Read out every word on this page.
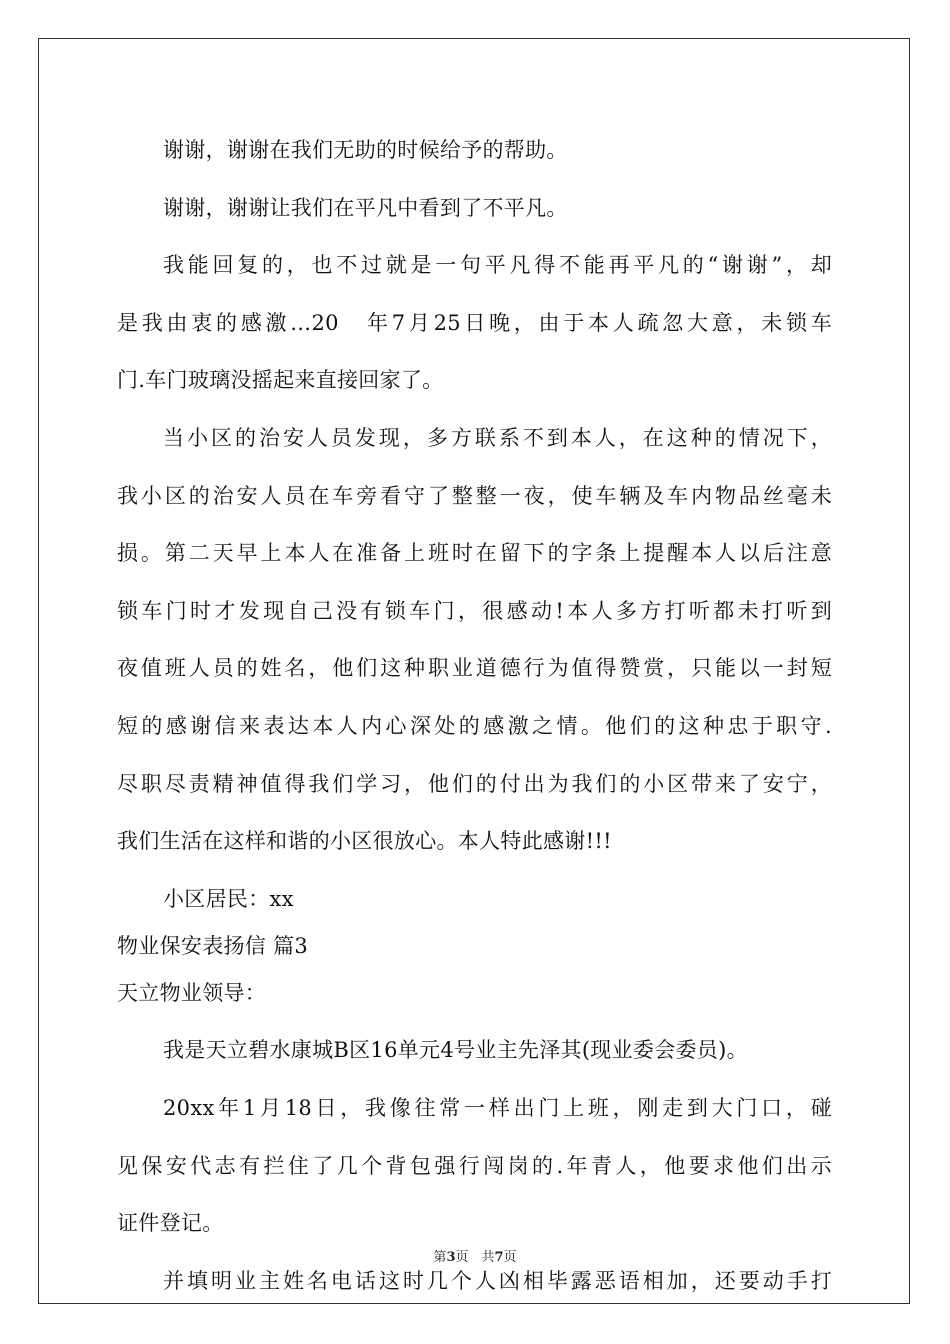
谢谢，谢谢在我们无助的时候给予的帮助。
谢谢，谢谢让我们在平凡中看到了不平凡。
我能回复的，也不过就是一句平凡得不能再平凡的“谢谢”，却
是我由衷的感激…20　年7月25日晚，由于本人疏忽大意，未锁车
门.车门玻璃没摇起来直接回家了。
当小区的治安人员发现，多方联系不到本人，在这种的情况下，
我小区的治安人员在车旁看守了整整一夜，使车辆及车内物品丝毫未
损。第二天早上本人在准备上班时在留下的字条上提醒本人以后注意
锁车门时才发现自己没有锁车门，很感动!本人多方打听都未打听到
夜值班人员的姓名，他们这种职业道德行为值得赞赏，只能以一封短
短的感谢信来表达本人内心深处的感激之情。他们的这种忠于职守.
尽职尽责精神值得我们学习，他们的付出为我们的小区带来了安宁，
我们生活在这样和谐的小区很放心。本人特此感谢!!!
小区居民：xx
物业保安表扬信 篇3
天立物业领导：
我是天立碧水康城B区16单元4号业主先泽其(现业委会委员)。
20xx年1月18日，我像往常一样出门上班，刚走到大门口，碰
见保安代志有拦住了几个背包强行闯岗的.年青人，他要求他们出示
证件登记。
并填明业主姓名电话这时几个人凶相毕露恶语相加，还要动手打
第3页　共7页
